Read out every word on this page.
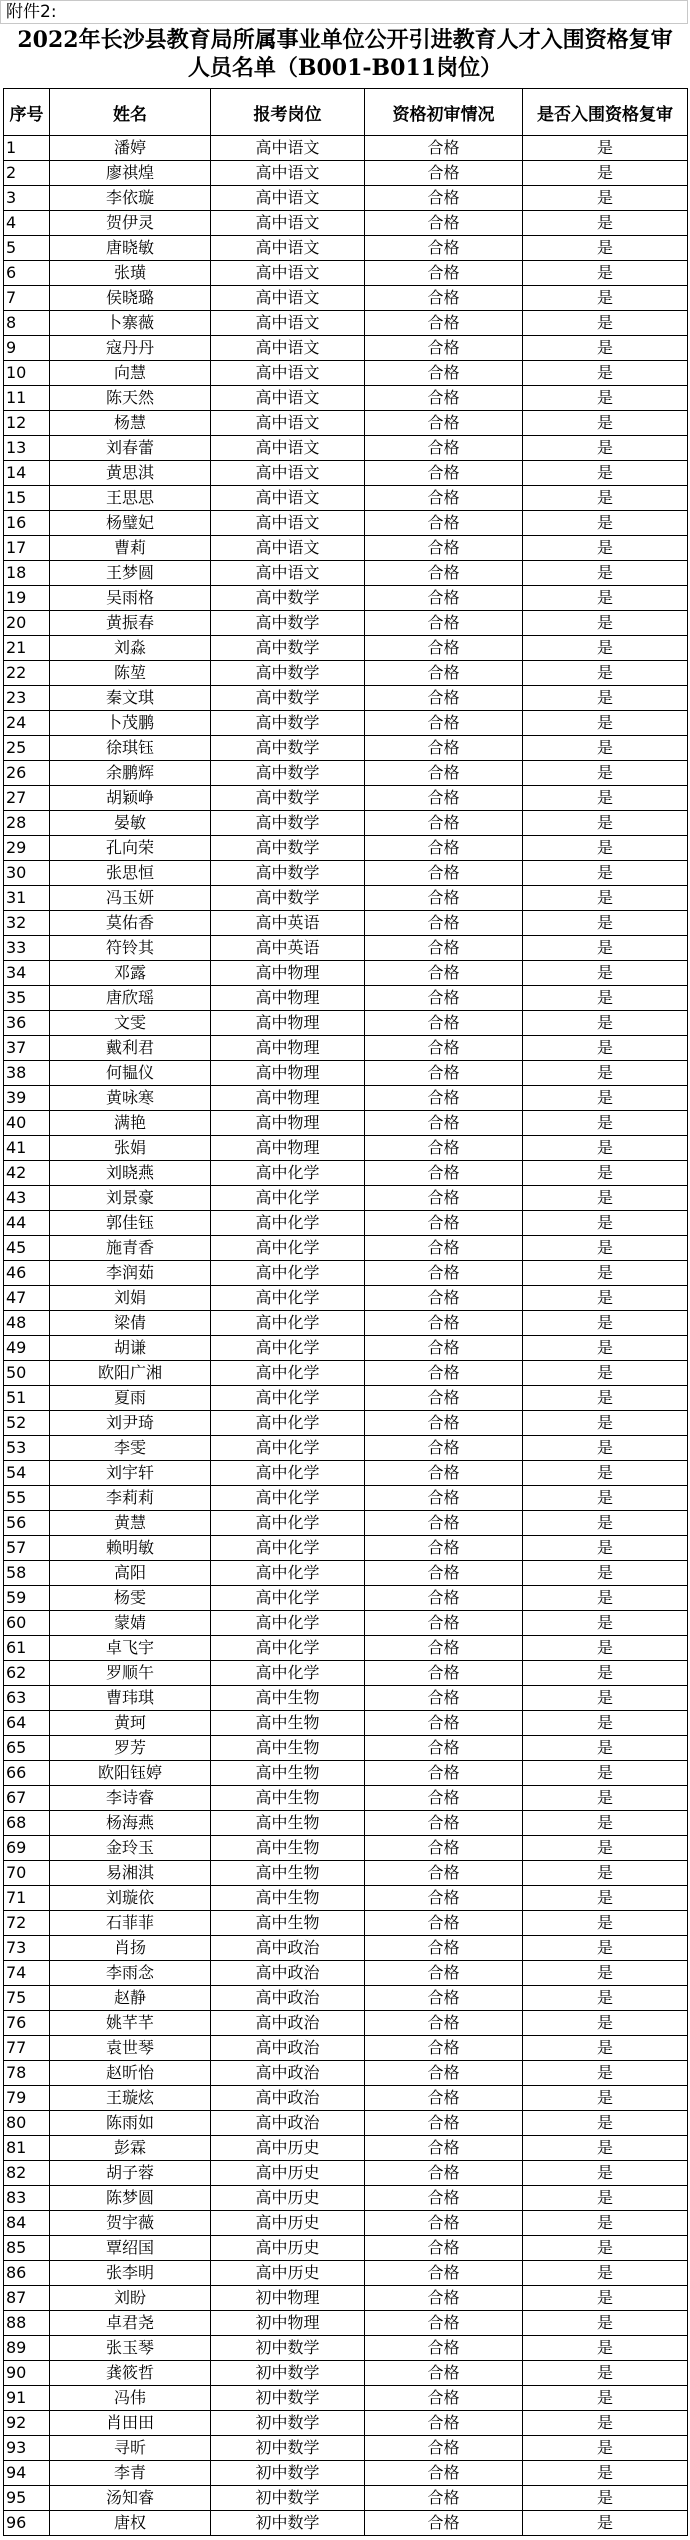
附件2:
2022年长沙县教育局所属事业单位公开引进教育人才入围资格复审
人员名单（B001-B011岗位）
序号	姓名	报考岗位	资格初审情况	是否入围资格复审
1	潘婷	高中语文	合格	是
2	廖祺煌	高中语文	合格	是
3	李依璇	高中语文	合格	是
4	贺伊灵	高中语文	合格	是
5	唐晓敏	高中语文	合格	是
6	张璜	高中语文	合格	是
7	侯晓璐	高中语文	合格	是
8	卜寨薇	高中语文	合格	是
9	寇丹丹	高中语文	合格	是
10	向慧	高中语文	合格	是
11	陈天然	高中语文	合格	是
12	杨慧	高中语文	合格	是
13	刘春蕾	高中语文	合格	是
14	黄思淇	高中语文	合格	是
15	王思思	高中语文	合格	是
16	杨璧妃	高中语文	合格	是
17	曹莉	高中语文	合格	是
18	王梦圆	高中语文	合格	是
19	吴雨格	高中数学	合格	是
20	黄振春	高中数学	合格	是
21	刘淼	高中数学	合格	是
22	陈堃	高中数学	合格	是
23	秦文琪	高中数学	合格	是
24	卜茂鹏	高中数学	合格	是
25	徐琪钰	高中数学	合格	是
26	余鹏辉	高中数学	合格	是
27	胡颖峥	高中数学	合格	是
28	晏敏	高中数学	合格	是
29	孔向荣	高中数学	合格	是
30	张思恒	高中数学	合格	是
31	冯玉妍	高中数学	合格	是
32	莫佑香	高中英语	合格	是
33	符铃其	高中英语	合格	是
34	邓露	高中物理	合格	是
35	唐欣瑶	高中物理	合格	是
36	文雯	高中物理	合格	是
37	戴利君	高中物理	合格	是
38	何韫仪	高中物理	合格	是
39	黄咏寒	高中物理	合格	是
40	满艳	高中物理	合格	是
41	张娟	高中物理	合格	是
42	刘晓燕	高中化学	合格	是
43	刘景豪	高中化学	合格	是
44	郭佳钰	高中化学	合格	是
45	施青香	高中化学	合格	是
46	李润茹	高中化学	合格	是
47	刘娟	高中化学	合格	是
48	梁倩	高中化学	合格	是
49	胡谦	高中化学	合格	是
50	欧阳广湘	高中化学	合格	是
51	夏雨	高中化学	合格	是
52	刘尹琦	高中化学	合格	是
53	李雯	高中化学	合格	是
54	刘宇轩	高中化学	合格	是
55	李莉莉	高中化学	合格	是
56	黄慧	高中化学	合格	是
57	赖明敏	高中化学	合格	是
58	高阳	高中化学	合格	是
59	杨雯	高中化学	合格	是
60	蒙婧	高中化学	合格	是
61	卓飞宇	高中化学	合格	是
62	罗顺午	高中化学	合格	是
63	曹玮琪	高中生物	合格	是
64	黄珂	高中生物	合格	是
65	罗芳	高中生物	合格	是
66	欧阳钰婷	高中生物	合格	是
67	李诗睿	高中生物	合格	是
68	杨海燕	高中生物	合格	是
69	金玲玉	高中生物	合格	是
70	易湘淇	高中生物	合格	是
71	刘璇依	高中生物	合格	是
72	石菲菲	高中生物	合格	是
73	肖扬	高中政治	合格	是
74	李雨念	高中政治	合格	是
75	赵静	高中政治	合格	是
76	姚芊芊	高中政治	合格	是
77	袁世琴	高中政治	合格	是
78	赵昕怡	高中政治	合格	是
79	王璇炫	高中政治	合格	是
80	陈雨如	高中政治	合格	是
81	彭霖	高中历史	合格	是
82	胡子蓉	高中历史	合格	是
83	陈梦圆	高中历史	合格	是
84	贺宇薇	高中历史	合格	是
85	覃绍国	高中历史	合格	是
86	张李明	高中历史	合格	是
87	刘盼	初中物理	合格	是
88	卓君尧	初中物理	合格	是
89	张玉琴	初中数学	合格	是
90	龚筱哲	初中数学	合格	是
91	冯伟	初中数学	合格	是
92	肖田田	初中数学	合格	是
93	寻昕	初中数学	合格	是
94	李青	初中数学	合格	是
95	汤知睿	初中数学	合格	是
96	唐权	初中数学	合格	是
